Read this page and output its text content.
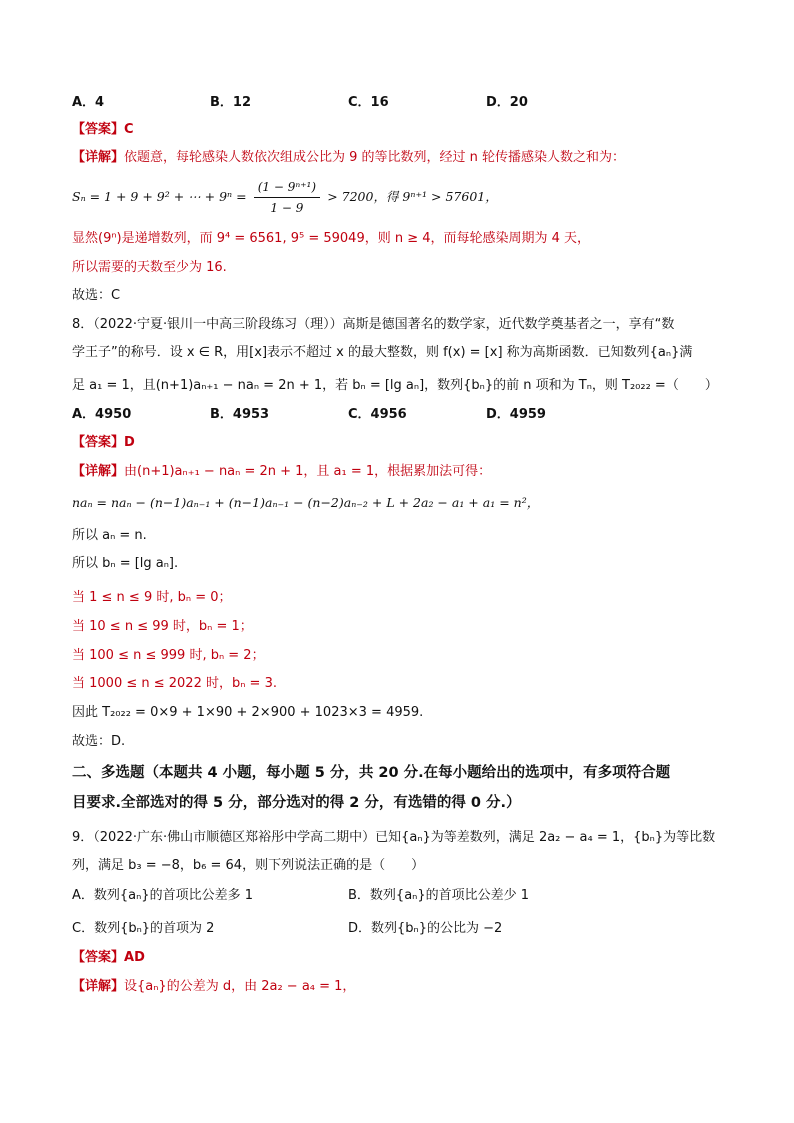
A．4	B．12	C．16	D．20
【答案】C
【详解】依题意，每轮感染人数依次组成公比为 9 的等比数列，经过 n 轮传播感染人数之和为：
Sₙ = 1 + 9 + 9² + ⋯ + $9^n = \frac{\text{(1 − 9ⁿ⁺¹)}}{1 - 9} > 7200$，得 9ⁿ⁺¹ > 57601，
显然(9ⁿ)是递增数列，而 9⁴ = 6561, 9⁵ = 59049，则 n ≥ 4，而每轮感染周期为 4 天，
所以需要的天数至少为 16.
故选：C
8．（2022·宁夏·银川一中高三阶段练习（理））高斯是德国著名的数学家，近代数学奠基者之一，享有“数
学王子”的称号．设 x ∈ R，用[x]表示不超过 x 的最大整数，则 f(x) = [x] 称为高斯函数．已知数列{aₙ}满
足 a₁ = 1，且(n+1)aₙ₊₁ − naₙ = 2n + 1，若 bₙ = [lg aₙ]，数列{bₙ}的前 n 项和为 Tₙ，则 T₂₀₂₂ =（　　）
A．4950	B．4953	C．4956	D．4959
【答案】D
【详解】由(n+1)aₙ₊₁ − naₙ = 2n + 1，且 a₁ = 1，根据累加法可得：
naₙ = naₙ − (n−1)aₙ₋₁ + (n−1)aₙ₋₁ − (n−2)aₙ₋₂ + L + 2a₂ − a₁ + a₁ = n²，
所以 aₙ = n.
所以 bₙ = [lg aₙ].
当 1 ≤ n ≤ 9 时, bₙ = 0；
当 10 ≤ n ≤ 99 时，bₙ = 1；
当 100 ≤ n ≤ 999 时, bₙ = 2；
当 1000 ≤ n ≤ 2022 时，bₙ = 3.
因此 T₂₀₂₂ = 0×9 + 1×90 + 2×900 + 1023×3 = 4959.
故选：D.
二、多选题（本题共 4 小题，每小题 5 分，共 20 分.在每小题给出的选项中，有多项符合题
目要求.全部选对的得 5 分，部分选对的得 2 分，有选错的得 0 分.）
9．（2022·广东·佛山市顺德区郑裕彤中学高二期中）已知{aₙ}为等差数列，满足 2a₂ − a₄ = 1，{bₙ}为等比数
列，满足 b₃ = −8，b₆ = 64，则下列说法正确的是（　　）
A．数列{aₙ}的首项比公差多 1	B．数列{aₙ}的首项比公差少 1
C．数列{bₙ}的首项为 2	D．数列{bₙ}的公比为 −2
【答案】AD
【详解】设{aₙ}的公差为 d，由 2a₂ − a₄ = 1，
